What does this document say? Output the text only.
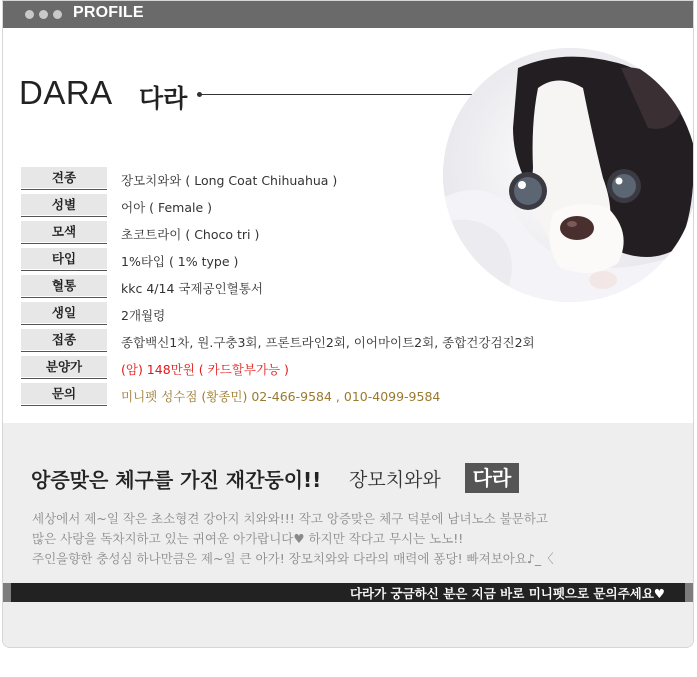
PROFILE
DARA 다라
견종	장모치와와 ( Long Coat Chihuahua )
성별	어아 ( Female )
모색	초코트라이 ( Choco tri )
타입	1%타입 ( 1% type )
혈통	kkc 4/14 국제공인혈통서
생일	2개월령
접종	종합백신1차, 원.구충3회, 프론트라인2회, 이어마이트2회, 종합건강검진2회
분양가	(암) 148만원 ( 카드할부가능 )
문의	미니펫 성수점 (황종민) 02-466-9584 , 010-4099-9584
앙증맞은 체구를 가진 재간둥이!! 장모치와와	다라
세상에서 제~일 작은 초소형견 강아지 치와와!!! 작고 앙증맞은 체구 덕분에 남녀노소 불문하고
많은 사랑을 독차지하고 있는 귀여운 아가랍니다♥ 하지만 작다고 무시는 노노!!
주인을향한 충성심 하나만큼은 제~일 큰 아가! 장모치와와 다라의 매력에 퐁당! 빠져보아요♪_〈
다라가 궁금하신 분은 지금 바로 미니펫으로 문의주세요♥
